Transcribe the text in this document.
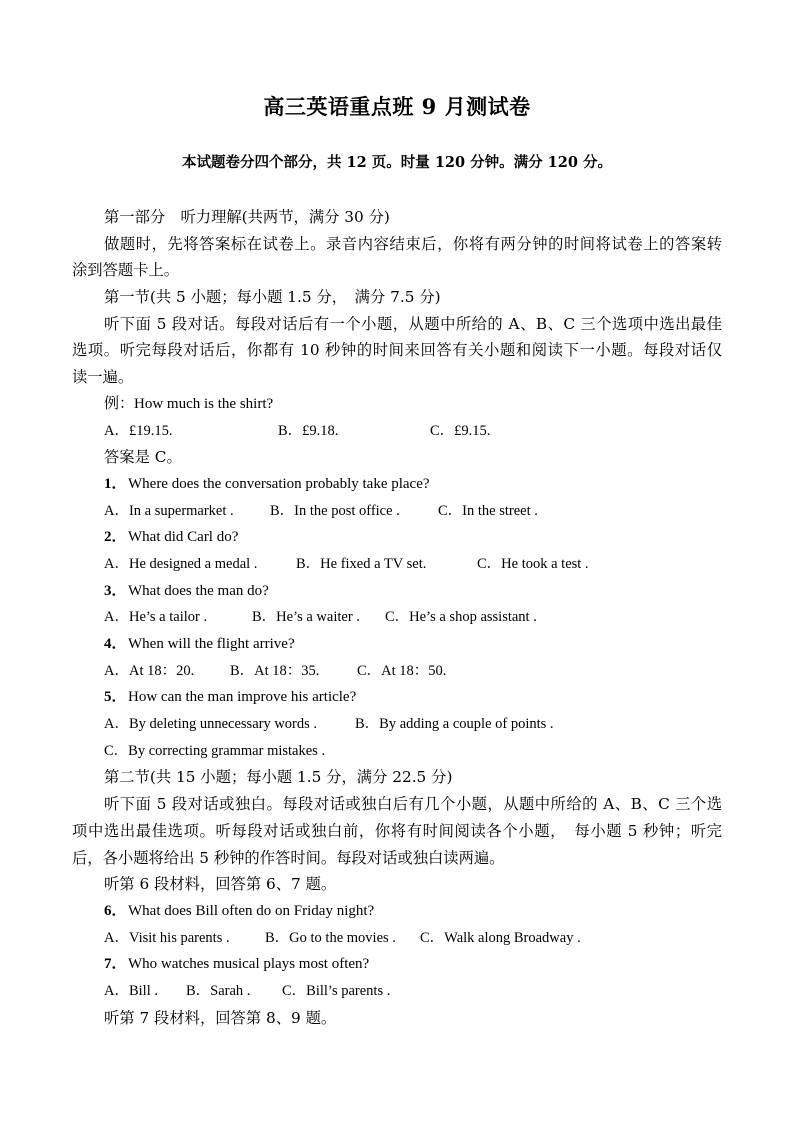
高三英语重点班 9 月测试卷
本试题卷分四个部分，共 12 页。时量 120 分钟。满分 120 分。
第一部分　听力理解(共两节，满分 30 分)
做题时，先将答案标在试卷上。录音内容结束后，你将有两分钟的时间将试卷上的答案转
涂到答题卡上。
第一节(共 5 小题；每小题 1.5 分，　满分 7.5 分)
听下面 5 段对话。每段对话后有一个小题，从题中所给的 A、B、C 三个选项中选出最佳
选项。听完每段对话后，你都有 10 秒钟的时间来回答有关小题和阅读下一小题。每段对话仅
读一遍。
例：How much is the shirt?
A．£19.15.	B．£9.18.	C．£9.15.
答案是 C。
1．Where does the conversation probably take place?
A．In a supermarket .	B．In the post office .	C．In the street .
2．What did Carl do?
A．He designed a medal .	B．He fixed a TV set.	C．He took a test .
3．What does the man do?
A．He’s a tailor .	B．He’s a waiter . C．He’s a shop assistant .
4．When will the flight arrive?
A．At 18：20. B．At 18：35.	C．At 18：50.
5．How can the man improve his article?
A．By deleting unnecessary words .	B．By adding a couple of points .
C．By correcting grammar mistakes .
第二节(共 15 小题；每小题 1.5 分，满分 22.5 分)
听下面 5 段对话或独白。每段对话或独白后有几个小题，从题中所给的 A、B、C 三个选
项中选出最佳选项。听每段对话或独白前，你将有时间阅读各个小题，　每小题 5 秒钟；听完
后，各小题将给出 5 秒钟的作答时间。每段对话或独白读两遍。
听第 6 段材料，回答第 6、7 题。
6．What does Bill often do on Friday night?
A．Visit his parents . B．Go to the movies . C．Walk along Broadway .
7．Who watches musical plays most often?
A．Bill . B．Sarah . C．Bill’s parents .
听第 7 段材料，回答第 8、9 题。
